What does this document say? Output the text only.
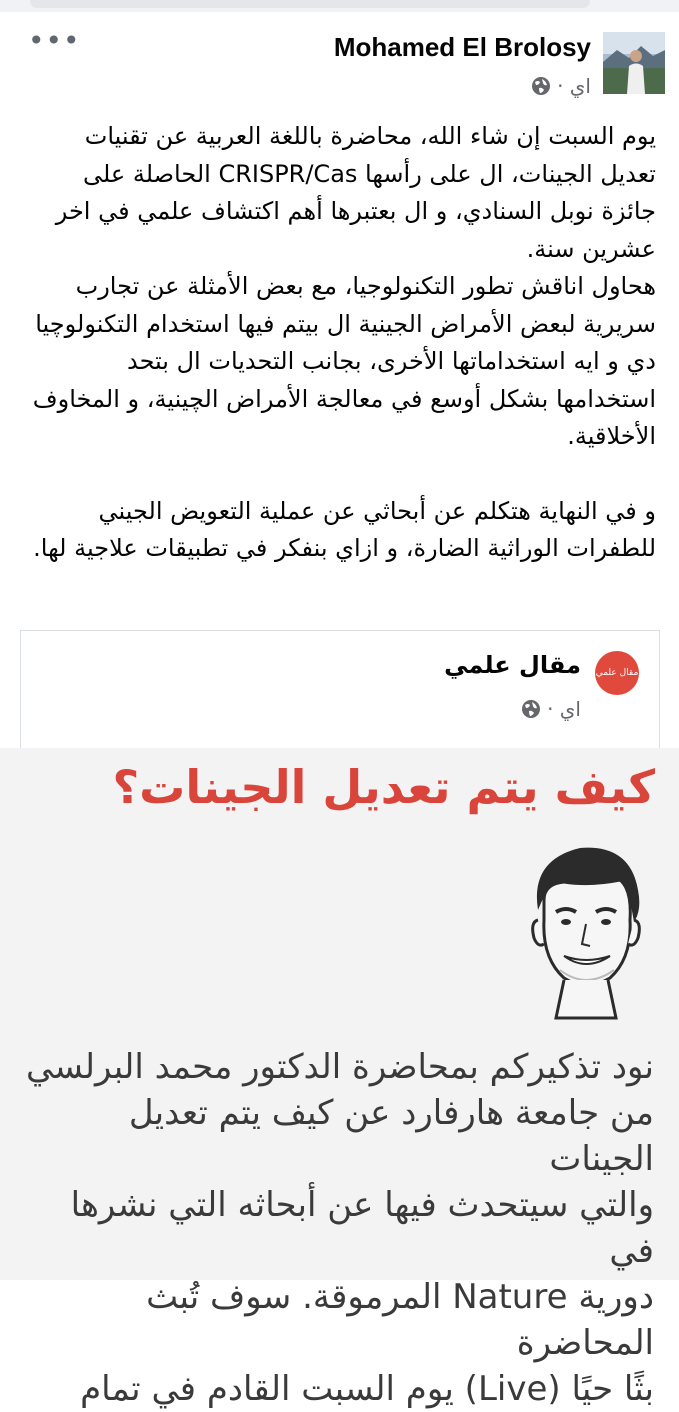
Mohamed El Brolosy
اي ·
•••

يوم السبت إن شاء الله، محاضرة باللغة العربية عن تقنيات تعديل الجينات، ال على رأسها CRISPR/Cas الحاصلة على جائزة نوبل السنادي، و ال بعتبرها أهم اكتشاف علمي في اخر عشرين سنة.

هحاول اناقش تطور التكنولوجيا، مع بعض الأمثلة عن تجارب سريرية لبعض الأمراض الجينية ال بيتم فيها استخدام التكنولوچيا دي و ايه استخداماتها الأخرى، بجانب التحديات ال بتحد استخدامها بشكل أوسع في معالجة الأمراض الچينية، و المخاوف الأخلاقية.

و في النهاية هتكلم عن أبحاثي عن عملية التعويض الجيني للطفرات الوراثية الضارة، و ازاي بنفكر في تطبيقات علاجية لها.

مقال علمي
مقال علمي
اي ·
كيف يتم تعديل الجينات؟

نود تذكيركم بمحاضرة الدكتور محمد البرلسي

من جامعة هارفارد عن كيف يتم تعديل الجينات

والتي سيتحدث فيها عن أبحاثه التي نشرها في

دورية Nature المرموقة. سوف تُبث المحاضرة

بثًا حيًا (Live) يوم السبت القادم في تمام
